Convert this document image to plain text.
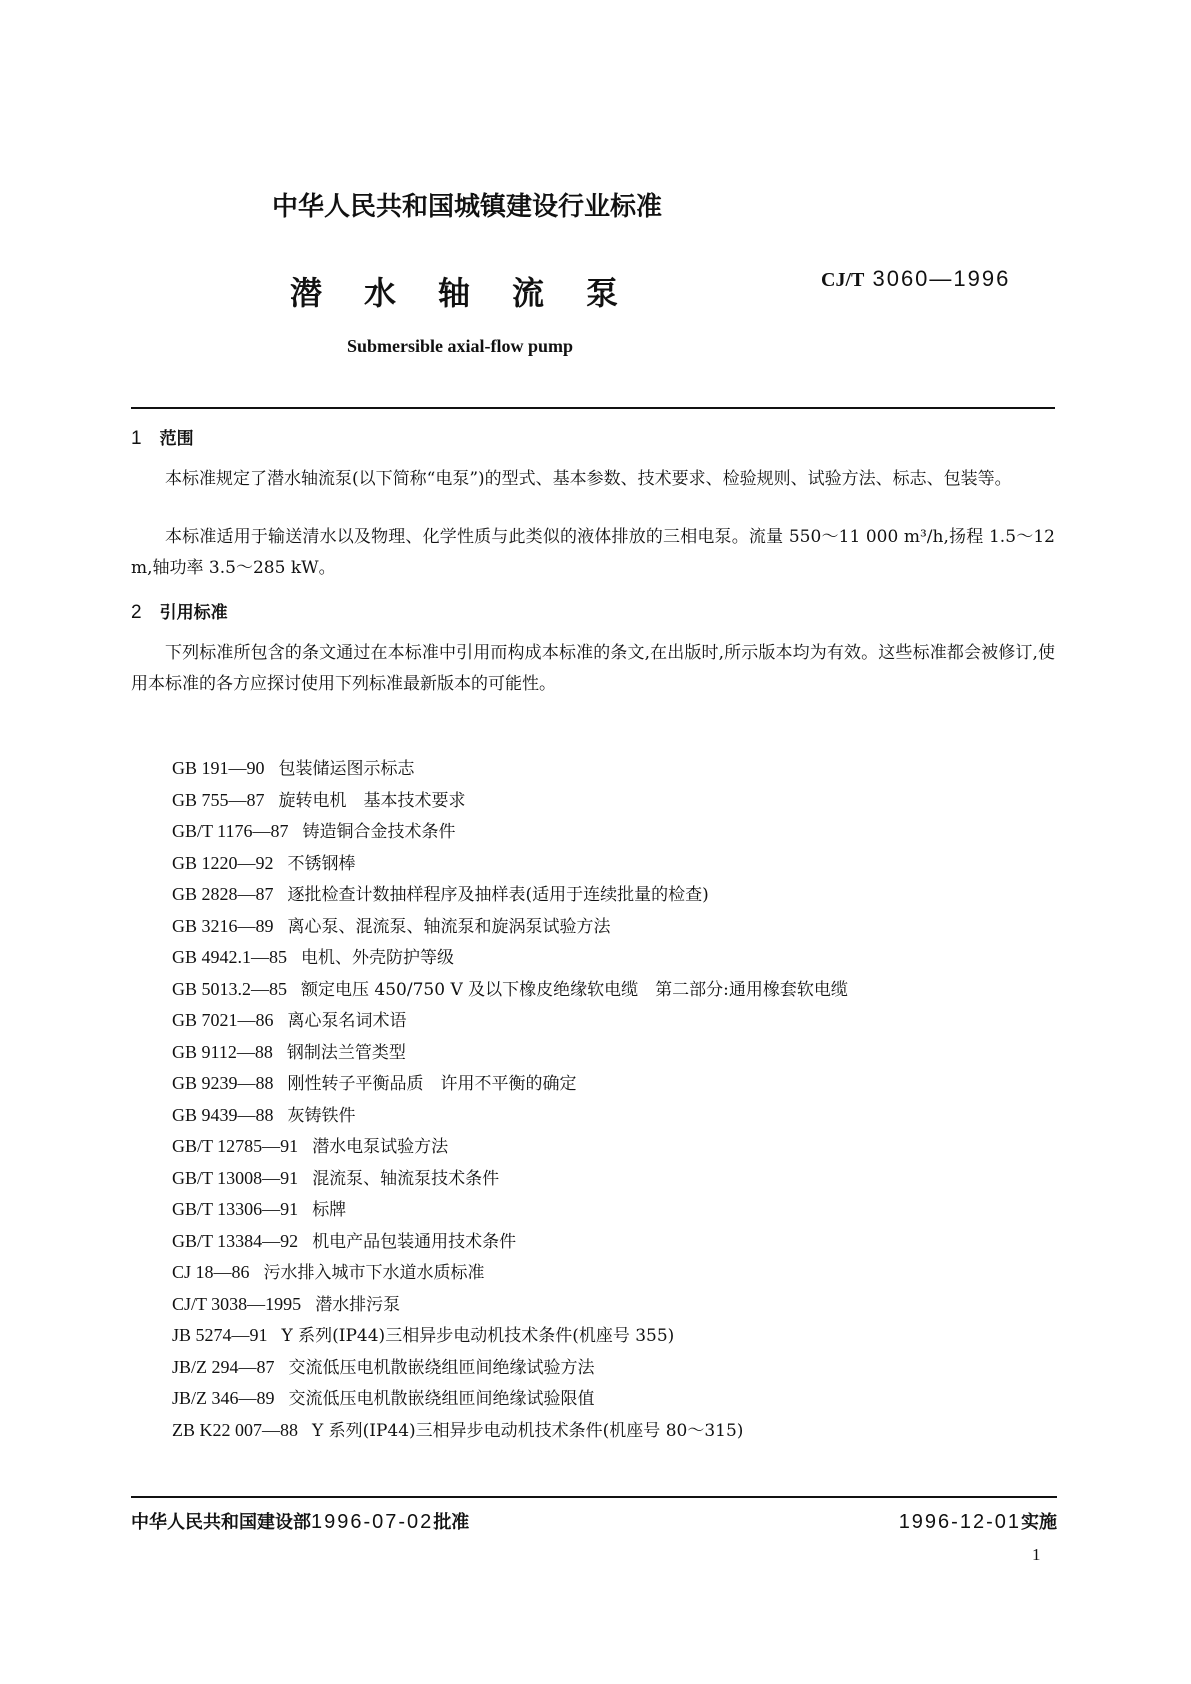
中华人民共和国城镇建设行业标准
潜水轴流泵	CJ/T 3060—1996
Submersible axial-flow pump
1 范围
本标准规定了潜水轴流泵(以下简称“电泵”)的型式、基本参数、技术要求、检验规则、试验方法、标志、包装等。
本标准适用于输送清水以及物理、化学性质与此类似的液体排放的三相电泵。流量 550～11 000 m³/h,扬程 1.5～12 m,轴功率 3.5～285 kW。
2 引用标准
下列标准所包含的条文通过在本标准中引用而构成本标准的条文,在出版时,所示版本均为有效。这些标准都会被修订,使用本标准的各方应探讨使用下列标准最新版本的可能性。
GB 191—90 包装储运图示标志
GB 755—87 旋转电机　基本技术要求
GB/T 1176—87 铸造铜合金技术条件
GB 1220—92 不锈钢棒
GB 2828—87 逐批检查计数抽样程序及抽样表(适用于连续批量的检查)
GB 3216—89 离心泵、混流泵、轴流泵和旋涡泵试验方法
GB 4942.1—85 电机、外壳防护等级
GB 5013.2—85 额定电压 450/750 V 及以下橡皮绝缘软电缆　第二部分:通用橡套软电缆
GB 7021—86 离心泵名词术语
GB 9112—88 钢制法兰管类型
GB 9239—88 刚性转子平衡品质　许用不平衡的确定
GB 9439—88 灰铸铁件
GB/T 12785—91 潜水电泵试验方法
GB/T 13008—91 混流泵、轴流泵技术条件
GB/T 13306—91 标牌
GB/T 13384—92 机电产品包装通用技术条件
CJ 18—86 污水排入城市下水道水质标准
CJ/T 3038—1995 潜水排污泵
JB 5274—91 Y 系列(IP44)三相异步电动机技术条件(机座号 355)
JB/Z 294—87 交流低压电机散嵌绕组匝间绝缘试验方法
JB/Z 346—89 交流低压电机散嵌绕组匝间绝缘试验限值
ZB K22 007—88 Y 系列(IP44)三相异步电动机技术条件(机座号 80～315)
中华人民共和国建设部1996-07-02批准	1996-12-01实施
1
